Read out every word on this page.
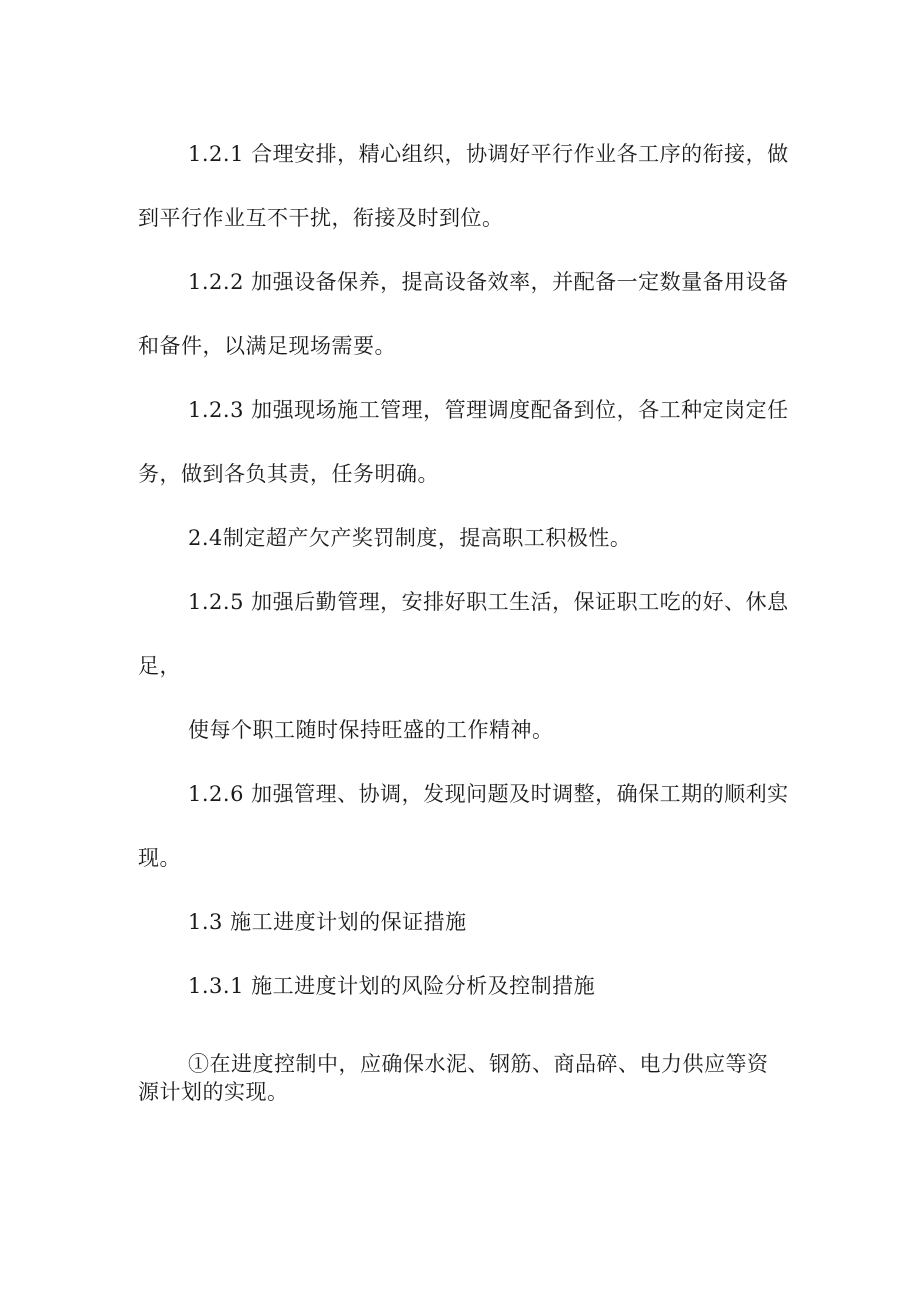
1.2.1 合理安排，精心组织，协调好平行作业各工序的衔接，做
到平行作业互不干扰，衔接及时到位。
1.2.2 加强设备保养，提高设备效率，并配备一定数量备用设备
和备件，以满足现场需要。
1.2.3 加强现场施工管理，管理调度配备到位，各工种定岗定任
务，做到各负其责，任务明确。
2.4制定超产欠产奖罚制度，提高职工积极性。
1.2.5 加强后勤管理，安排好职工生活，保证职工吃的好、休息
足，
使每个职工随时保持旺盛的工作精神。
1.2.6 加强管理、协调，发现问题及时调整，确保工期的顺利实
现。
1.3 施工进度计划的保证措施
1.3.1 施工进度计划的风险分析及控制措施
①在进度控制中，应确保水泥、钢筋、商品碎、电力供应等资
源计划的实现。
